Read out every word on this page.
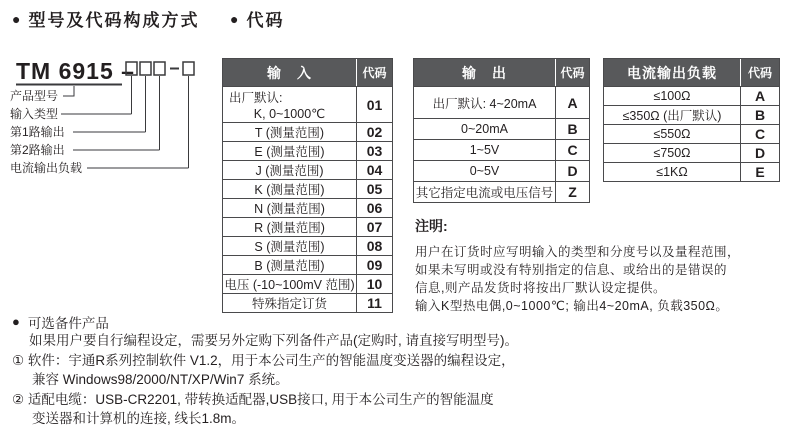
● 型号及代码构成方式 ● 代码
TM 6915 –
产品型号
输入类型
第1路输出
第2路输出
电流输出负载
输　入	代码
出厂默认:
K, 0~1000℃
01
T (测量范围)	02
E (测量范围)	03
J (测量范围)	04
K (测量范围)	05
N (测量范围)	06
R (测量范围)	07
S (测量范围)	08
B (测量范围)	09
电压 (-10~100mV 范围) 10
特殊指定订货	11
输　出	代码
出厂默认: 4~20mA	A
0~20mA	B
1~5V	C
0~5V	D
其它指定电流或电压信号	Z
电流输出负载	代码
≤100Ω	A
≤350Ω (出厂默认)	B
≤550Ω	C
≤750Ω	D
≤1KΩ	E
注明:
用户在订货时应写明输入的类型和分度号以及量程范围，
如果未写明或没有特别指定的信息、或给出的是错误的
信息,则产品发货时将按出厂默认设定提供。
输入K型热电偶,0~1000℃; 输出4~20mA, 负载350Ω。
● 可选备件产品
如果用户要自行编程设定，需要另外定购下列备件产品(定购时, 请直接写明型号)。
① 软件：宇通R系列控制软件 V1.2，用于本公司生产的智能温度变送器的编程设定，
兼容 Windows98/2000/NT/XP/Win7 系统。
② 适配电缆：USB-CR2201, 带转换适配器,USB接口, 用于本公司生产的智能温度
变送器和计算机的连接, 线长1.8m。
